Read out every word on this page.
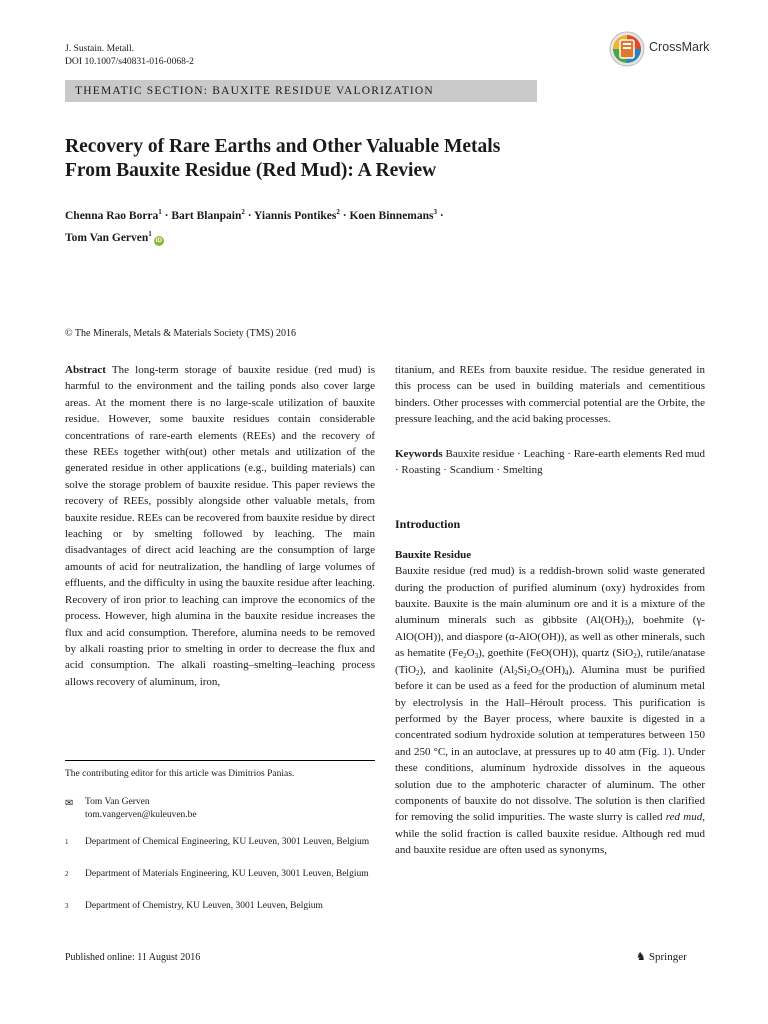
J. Sustain. Metall.
DOI 10.1007/s40831-016-0068-2
CrossMark
THEMATIC SECTION: BAUXITE RESIDUE VALORIZATION
Recovery of Rare Earths and Other Valuable Metals
From Bauxite Residue (Red Mud): A Review
Chenna Rao Borra$^1$ · Bart Blanpain$^2$ · Yiannis Pontikes$^2$ · Koen Binnemans$^3$ ·
Tom Van Gerven$^1$iD
© The Minerals, Metals & Materials Society (TMS) 2016

Abstract The long-term storage of bauxite residue (red mud) is harmful to the environment and the tailing ponds also cover large areas. At the moment there is no large-scale utilization of bauxite residue. However, some bauxite residues contain considerable concentrations of rare-earth elements (REEs) and the recovery of these REEs together with(out) other metals and utilization of the generated residue in other applications (e.g., building materials) can solve the storage problem of bauxite residue. This paper reviews the recovery of REEs, possibly alongside other valuable metals, from bauxite residue. REEs can be recovered from bauxite residue by direct leaching or by smelting followed by leaching. The main disadvantages of direct acid leaching are the consumption of large amounts of acid for neutralization, the handling of large volumes of effluents, and the difficulty in using the bauxite residue after leaching. Recovery of iron prior to leaching can improve the economics of the process. However, high alumina in the bauxite residue increases the flux and acid consumption. Therefore, alumina needs to be removed by alkali roasting prior to smelting in order to decrease the flux and acid consumption. The alkali roasting–smelting–leaching process allows recovery of aluminum, iron,

titanium, and REEs from bauxite residue. The residue generated in this process can be used in building materials and cementitious binders. Other processes with commercial potential are the Orbite, the pressure leaching, and the acid baking processes.

Keywords Bauxite residue · Leaching · Rare-earth elements Red mud · Roasting · Scandium · Smelting

Introduction

Bauxite Residue

Bauxite residue (red mud) is a reddish-brown solid waste generated during the production of purified aluminum (oxy) hydroxides from bauxite. Bauxite is the main aluminum ore and it is a mixture of the aluminum minerals such as gibbsite $(Al(OH)_3)$, boehmite (γ-AlO(OH)), and diaspore (α-AlO(OH)), as well as other minerals, such as hematite $(Fe_2O_3)$, goethite (FeO(OH)), quartz (SiO$_2$), rutile/anatase (TiO$_2$), and kaolinite $(Al_2Si_2O_5(OH)_4)$. Alumina must be purified before it can be used as a feed for the production of aluminum metal by electrolysis in the Hall–Héroult process. This purification is performed by the Bayer process, where bauxite is digested in a concentrated sodium hydroxide solution at temperatures between 150 and 250 °C, in an autoclave, at pressures up to 40 atm (Fig. 1). Under these conditions, aluminum hydroxide dissolves in the aqueous solution due to the amphoteric character of aluminum. The other components of bauxite do not dissolve. The solution is then clarified for removing the solid impurities. The waste slurry is called red mud, while the solid fraction is called bauxite residue. Although red mud and bauxite residue are often used as synonyms,

The contributing editor for this article was Dimitrios Panias.
✉ Tom Van Gerven
tom.vangerven@kuleuven.be
1 Department of Chemical Engineering, KU Leuven, 3001 Leuven, Belgium
2 Department of Materials Engineering, KU Leuven, 3001 Leuven, Belgium
3 Department of Chemistry, KU Leuven, 3001 Leuven, Belgium
Published online: 11 August 2016	♞ Springer
